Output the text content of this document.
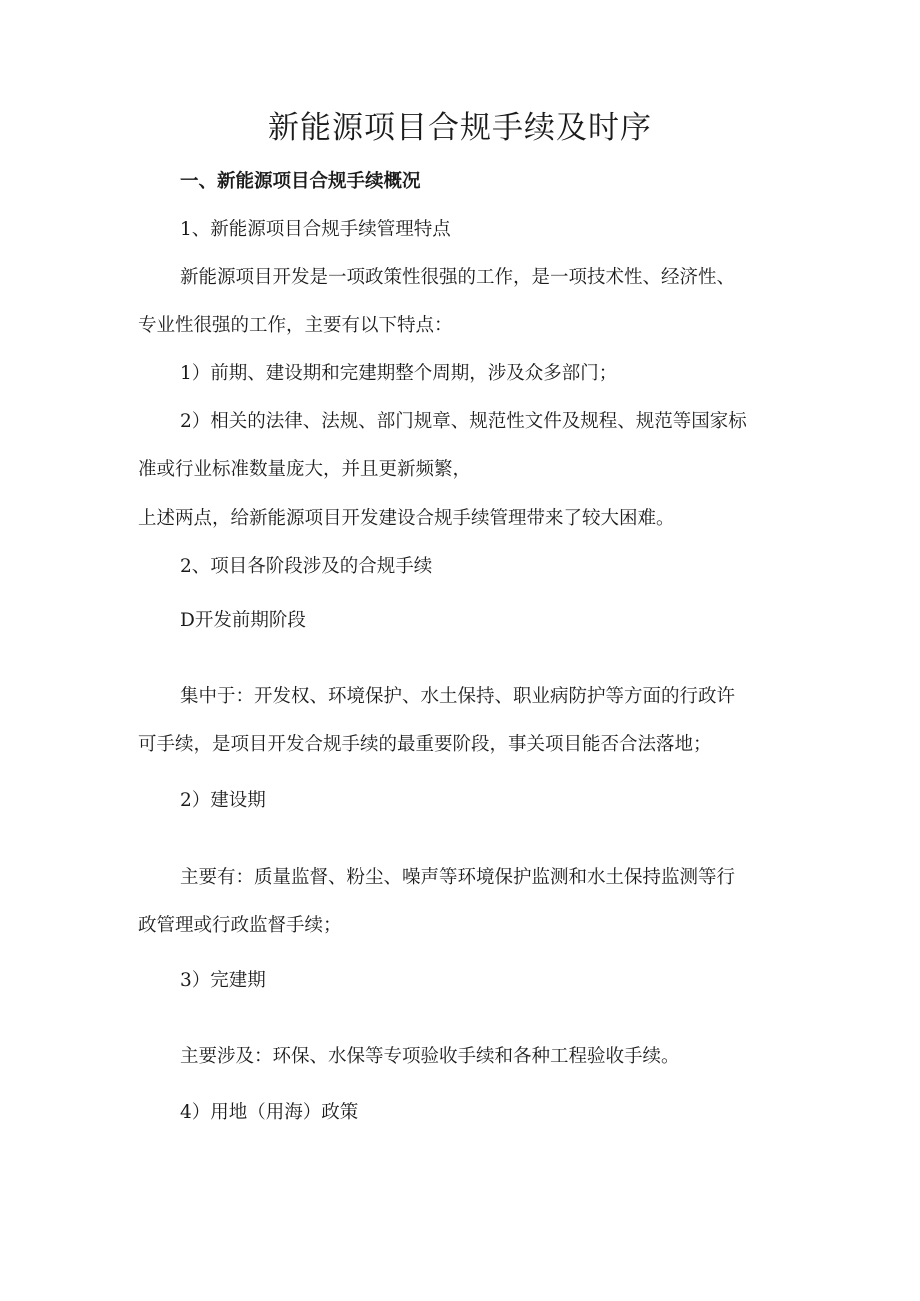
新能源项目合规手续及时序

一、新能源项目合规手续概况

1、新能源项目合规手续管理特点

新能源项目开发是一项政策性很强的工作，是一项技术性、经济性、

专业性很强的工作，主要有以下特点：

1）前期、建设期和完建期整个周期，涉及众多部门；

2）相关的法律、法规、部门规章、规范性文件及规程、规范等国家标

准或行业标准数量庞大，并且更新频繁，

上述两点，给新能源项目开发建设合规手续管理带来了较大困难。

2、项目各阶段涉及的合规手续

D开发前期阶段

集中于：开发权、环境保护、水土保持、职业病防护等方面的行政许

可手续，是项目开发合规手续的最重要阶段，事关项目能否合法落地；

2）建设期

主要有：质量监督、粉尘、噪声等环境保护监测和水土保持监测等行

政管理或行政监督手续；

3）完建期

主要涉及：环保、水保等专项验收手续和各种工程验收手续。

4）用地（用海）政策
